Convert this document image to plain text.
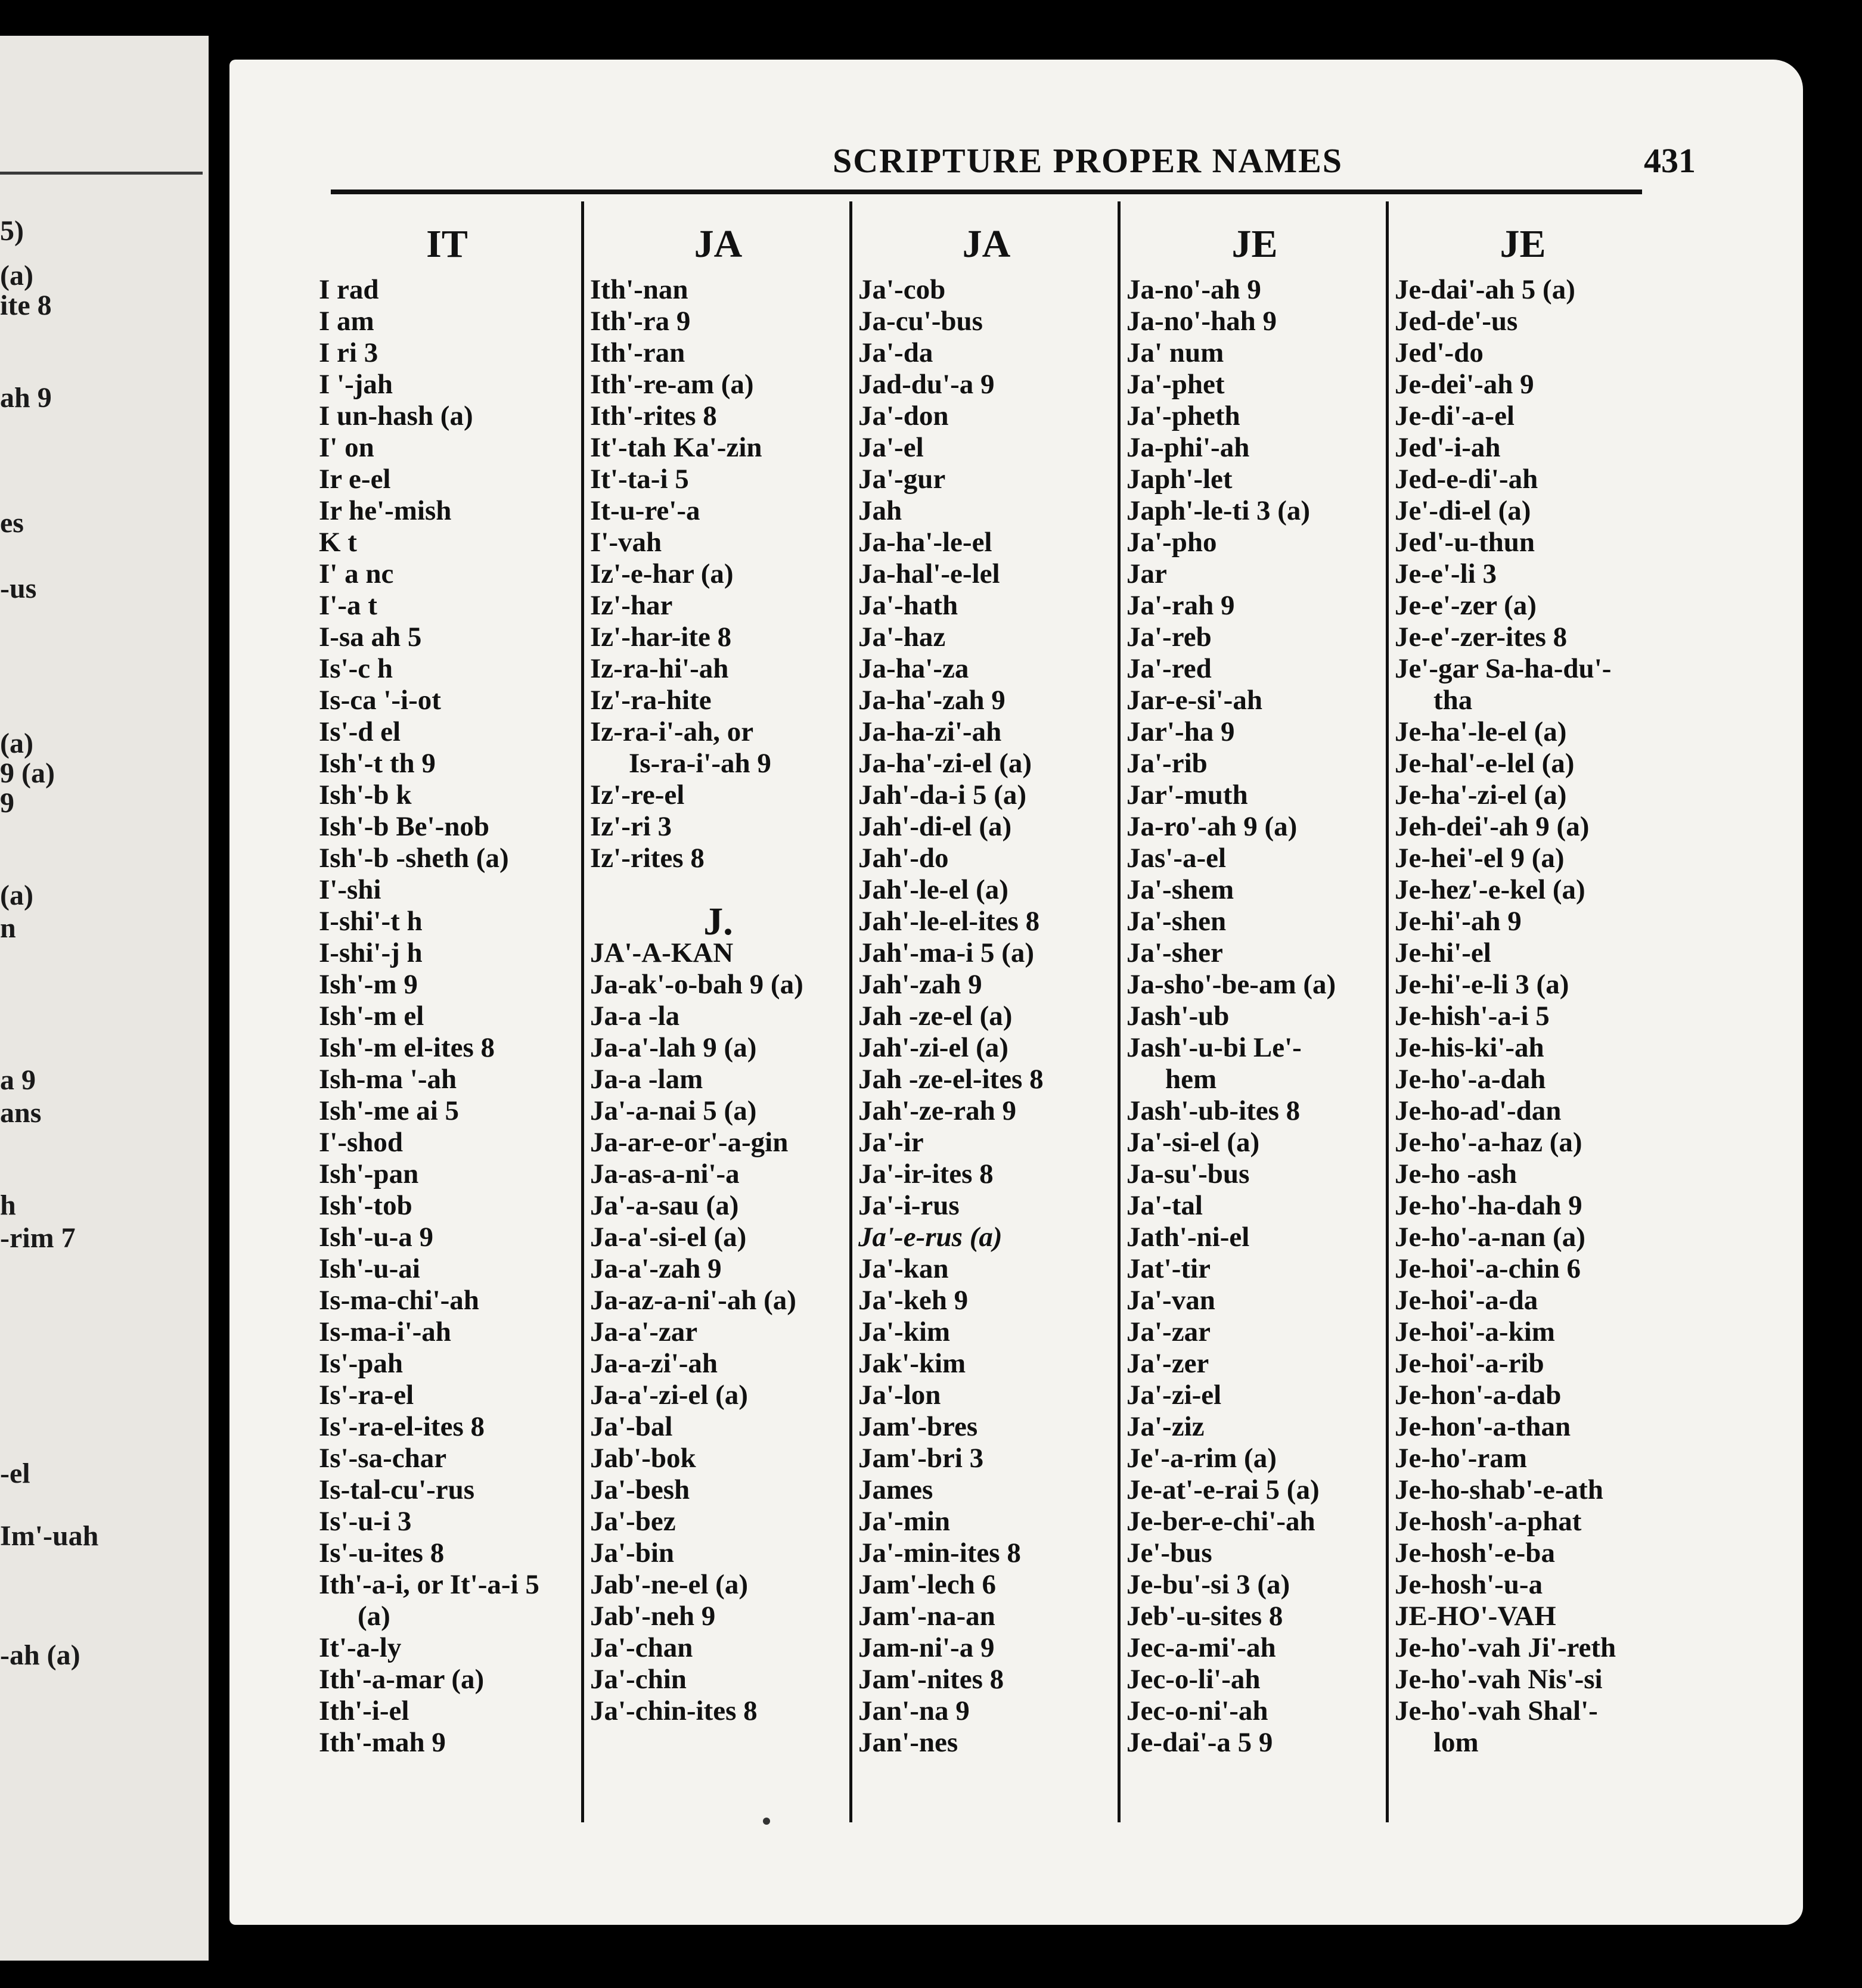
5)
(a)
ite 8
ah 9
es
-us
(a)
9 (a)
9
(a)
n
a 9
ans
h
-rim 7
-el
Im'-uah
-ah (a)
SCRIPTURE PROPER NAMES	431
IT
I rad
I am
I ri 3
I '-jah
I un-hash (a)
I' on
Ir e-el
Ir he'-mish
K t
I' a nc
I'-a t
I-sa ah 5
Is'-c h
Is-ca '-i-ot
Is'-d el
Ish'-t th 9
Ish'-b k
Ish'-b Be'-nob
Ish'-b -sheth (a)
I'-shi
I-shi'-t h
I-shi'-j h
Ish'-m 9
Ish'-m el
Ish'-m el-ites 8
Ish-ma '-ah
Ish'-me ai 5
I'-shod
Ish'-pan
Ish'-tob
Ish'-u-a 9
Ish'-u-ai
Is-ma-chi'-ah
Is-ma-i'-ah
Is'-pah
Is'-ra-el
Is'-ra-el-ites 8
Is'-sa-char
Is-tal-cu'-rus
Is'-u-i 3
Is'-u-ites 8
Ith'-a-i, or It'-a-i 5
(a)
It'-a-ly
Ith'-a-mar (a)
Ith'-i-el
Ith'-mah 9
JA
Ith'-nan
Ith'-ra 9
Ith'-ran
Ith'-re-am (a)
Ith'-rites 8
It'-tah Ka'-zin
It'-ta-i 5
It-u-re'-a
I'-vah
Iz'-e-har (a)
Iz'-har
Iz'-har-ite 8
Iz-ra-hi'-ah
Iz'-ra-hite
Iz-ra-i'-ah, or
Is-ra-i'-ah 9
Iz'-re-el
Iz'-ri 3
Iz'-rites 8
J.
JA'-A-KAN
Ja-ak'-o-bah 9 (a)
Ja-a -la
Ja-a'-lah 9 (a)
Ja-a -lam
Ja'-a-nai 5 (a)
Ja-ar-e-or'-a-gin
Ja-as-a-ni'-a
Ja'-a-sau (a)
Ja-a'-si-el (a)
Ja-a'-zah 9
Ja-az-a-ni'-ah (a)
Ja-a'-zar
Ja-a-zi'-ah
Ja-a'-zi-el (a)
Ja'-bal
Jab'-bok
Ja'-besh
Ja'-bez
Ja'-bin
Jab'-ne-el (a)
Jab'-neh 9
Ja'-chan
Ja'-chin
Ja'-chin-ites 8
JA
Ja'-cob
Ja-cu'-bus
Ja'-da
Jad-du'-a 9
Ja'-don
Ja'-el
Ja'-gur
Jah
Ja-ha'-le-el
Ja-hal'-e-lel
Ja'-hath
Ja'-haz
Ja-ha'-za
Ja-ha'-zah 9
Ja-ha-zi'-ah
Ja-ha'-zi-el (a)
Jah'-da-i 5 (a)
Jah'-di-el (a)
Jah'-do
Jah'-le-el (a)
Jah'-le-el-ites 8
Jah'-ma-i 5 (a)
Jah'-zah 9
Jah -ze-el (a)
Jah'-zi-el (a)
Jah -ze-el-ites 8
Jah'-ze-rah 9
Ja'-ir
Ja'-ir-ites 8
Ja'-i-rus
Ja'-e-rus (a)
Ja'-kan
Ja'-keh 9
Ja'-kim
Jak'-kim
Ja'-lon
Jam'-bres
Jam'-bri 3
James
Ja'-min
Ja'-min-ites 8
Jam'-lech 6
Jam'-na-an
Jam-ni'-a 9
Jam'-nites 8
Jan'-na 9
Jan'-nes
JE
Ja-no'-ah 9
Ja-no'-hah 9
Ja' num
Ja'-phet
Ja'-pheth
Ja-phi'-ah
Japh'-let
Japh'-le-ti 3 (a)
Ja'-pho
Jar
Ja'-rah 9
Ja'-reb
Ja'-red
Jar-e-si'-ah
Jar'-ha 9
Ja'-rib
Jar'-muth
Ja-ro'-ah 9 (a)
Jas'-a-el
Ja'-shem
Ja'-shen
Ja'-sher
Ja-sho'-be-am (a)
Jash'-ub
Jash'-u-bi Le'-
hem
Jash'-ub-ites 8
Ja'-si-el (a)
Ja-su'-bus
Ja'-tal
Jath'-ni-el
Jat'-tir
Ja'-van
Ja'-zar
Ja'-zer
Ja'-zi-el
Ja'-ziz
Je'-a-rim (a)
Je-at'-e-rai 5 (a)
Je-ber-e-chi'-ah
Je'-bus
Je-bu'-si 3 (a)
Jeb'-u-sites 8
Jec-a-mi'-ah
Jec-o-li'-ah
Jec-o-ni'-ah
Je-dai'-a 5 9
JE
Je-dai'-ah 5 (a)
Jed-de'-us
Jed'-do
Je-dei'-ah 9
Je-di'-a-el
Jed'-i-ah
Jed-e-di'-ah
Je'-di-el (a)
Jed'-u-thun
Je-e'-li 3
Je-e'-zer (a)
Je-e'-zer-ites 8
Je'-gar Sa-ha-du'-
tha
Je-ha'-le-el (a)
Je-hal'-e-lel (a)
Je-ha'-zi-el (a)
Jeh-dei'-ah 9 (a)
Je-hei'-el 9 (a)
Je-hez'-e-kel (a)
Je-hi'-ah 9
Je-hi'-el
Je-hi'-e-li 3 (a)
Je-hish'-a-i 5
Je-his-ki'-ah
Je-ho'-a-dah
Je-ho-ad'-dan
Je-ho'-a-haz (a)
Je-ho -ash
Je-ho'-ha-dah 9
Je-ho'-a-nan (a)
Je-hoi'-a-chin 6
Je-hoi'-a-da
Je-hoi'-a-kim
Je-hoi'-a-rib
Je-hon'-a-dab
Je-hon'-a-than
Je-ho'-ram
Je-ho-shab'-e-ath
Je-hosh'-a-phat
Je-hosh'-e-ba
Je-hosh'-u-a
JE-HO'-VAH
Je-ho'-vah Ji'-reth
Je-ho'-vah Nis'-si
Je-ho'-vah Shal'-
lom
